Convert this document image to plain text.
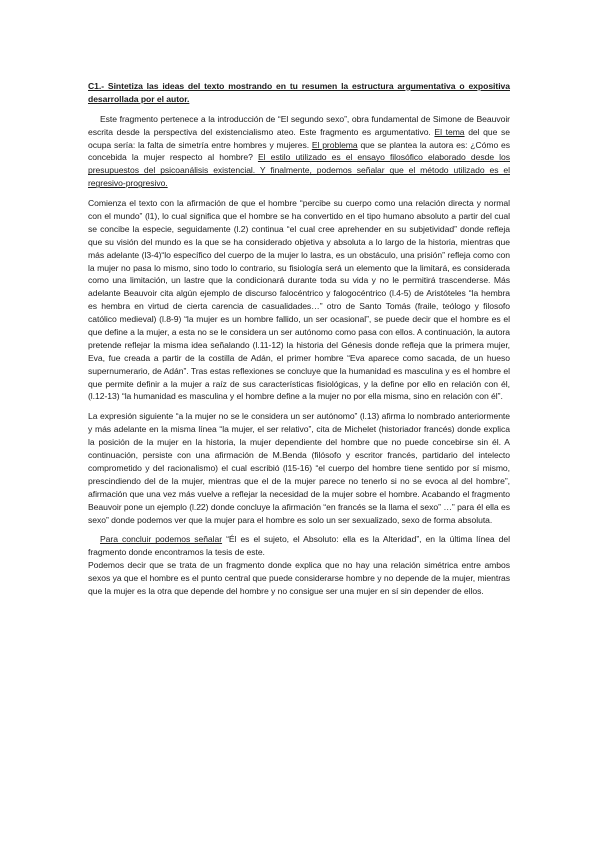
C1.- Sintetiza las ideas del texto mostrando en tu resumen la estructura argumentativa o expositiva desarrollada por el autor.

Este fragmento pertenece a la introducción de “El segundo sexo”, obra fundamental de Simone de Beauvoir escrita desde la perspectiva del existencialismo ateo. Este fragmento es argumentativo. El tema del que se ocupa sería: la falta de simetría entre hombres y mujeres. El problema que se plantea la autora es: ¿Cómo es concebida la mujer respecto al hombre? El estilo utilizado es el ensayo filosófico elaborado desde los presupuestos del psicoanálisis existencial. Y finalmente, podemos señalar que el método utilizado es el regresivo-progresivo.

Comienza el texto con la afirmación de que el hombre “percibe su cuerpo como una relación directa y normal con el mundo” (l1), lo cual significa que el hombre se ha convertido en el tipo humano absoluto a partir del cual se concibe la especie, seguidamente (l.2) continua “el cual cree aprehender en su subjetividad” donde refleja que su visión del mundo es la que se ha considerado objetiva y absoluta a lo largo de la historia, mientras que más adelante (l3-4)“lo específico del cuerpo de la mujer lo lastra, es un obstáculo, una prisión” refleja como con la mujer no pasa lo mismo, sino todo lo contrario, su fisiología será un elemento que la limitará, es considerada como una limitación, un lastre que la condicionará durante toda su vida y no le permitirá trascenderse. Más adelante Beauvoir cita algún ejemplo de discurso falocéntrico y falogocéntrico (l.4-5) de Aristóteles “la hembra es hembra en virtud de cierta carencia de casualidades…” otro de Santo Tomás (fraile, teólogo y filosofo católico medieval) (l.8-9) “la mujer es un hombre fallido, un ser ocasional”, se puede decir que el hombre es el que define a la mujer, a esta no se le considera un ser autónomo como pasa con ellos. A continuación, la autora pretende reflejar la misma idea señalando (l.11-12) la historia del Génesis donde refleja que la primera mujer, Eva, fue creada a partir de la costilla de Adán, el primer hombre “Eva aparece como sacada, de un hueso supernumerario, de Adán”. Tras estas reflexiones se concluye que la humanidad es masculina y es el hombre el que permite definir a la mujer a raíz de sus características fisiológicas, y la define por ello en relación con él, (l.12-13) “la humanidad es masculina y el hombre define a la mujer no por ella misma, sino en relación con él”.

La expresión siguiente “a la mujer no se le considera un ser autónomo” (l.13) afirma lo nombrado anteriormente y más adelante en la misma línea “la mujer, el ser relativo”, cita de Michelet (historiador francés) donde explica la posición de la mujer en la historia, la mujer dependiente del hombre que no puede concebirse sin él. A continuación, persiste con una afirmación de M.Benda (filósofo y escritor francés, partidario del intelecto comprometido y del racionalismo) el cual escribió (l15-16) “el cuerpo del hombre tiene sentido por sí mismo, prescindiendo del de la mujer, mientras que el de la mujer parece no tenerlo si no se evoca al del hombre”, afirmación que una vez más vuelve a reflejar la necesidad de la mujer sobre el hombre. Acabando el fragmento Beauvoir pone un ejemplo (l.22) donde concluye la afirmación “en francés se la llama el sexo” …” para él ella es sexo” donde podemos ver que la mujer para el hombre es solo un ser sexualizado, sexo de forma absoluta.

Para concluir podemos señalar “Él es el sujeto, el Absoluto: ella es la Alteridad”, en la última línea del fragmento donde encontramos la tesis de este.

Podemos decir que se trata de un fragmento donde explica que no hay una relación simétrica entre ambos sexos ya que el hombre es el punto central que puede considerarse hombre y no depende de la mujer, mientras que la mujer es la otra que depende del hombre y no consigue ser una mujer en sí sin depender de ellos.
